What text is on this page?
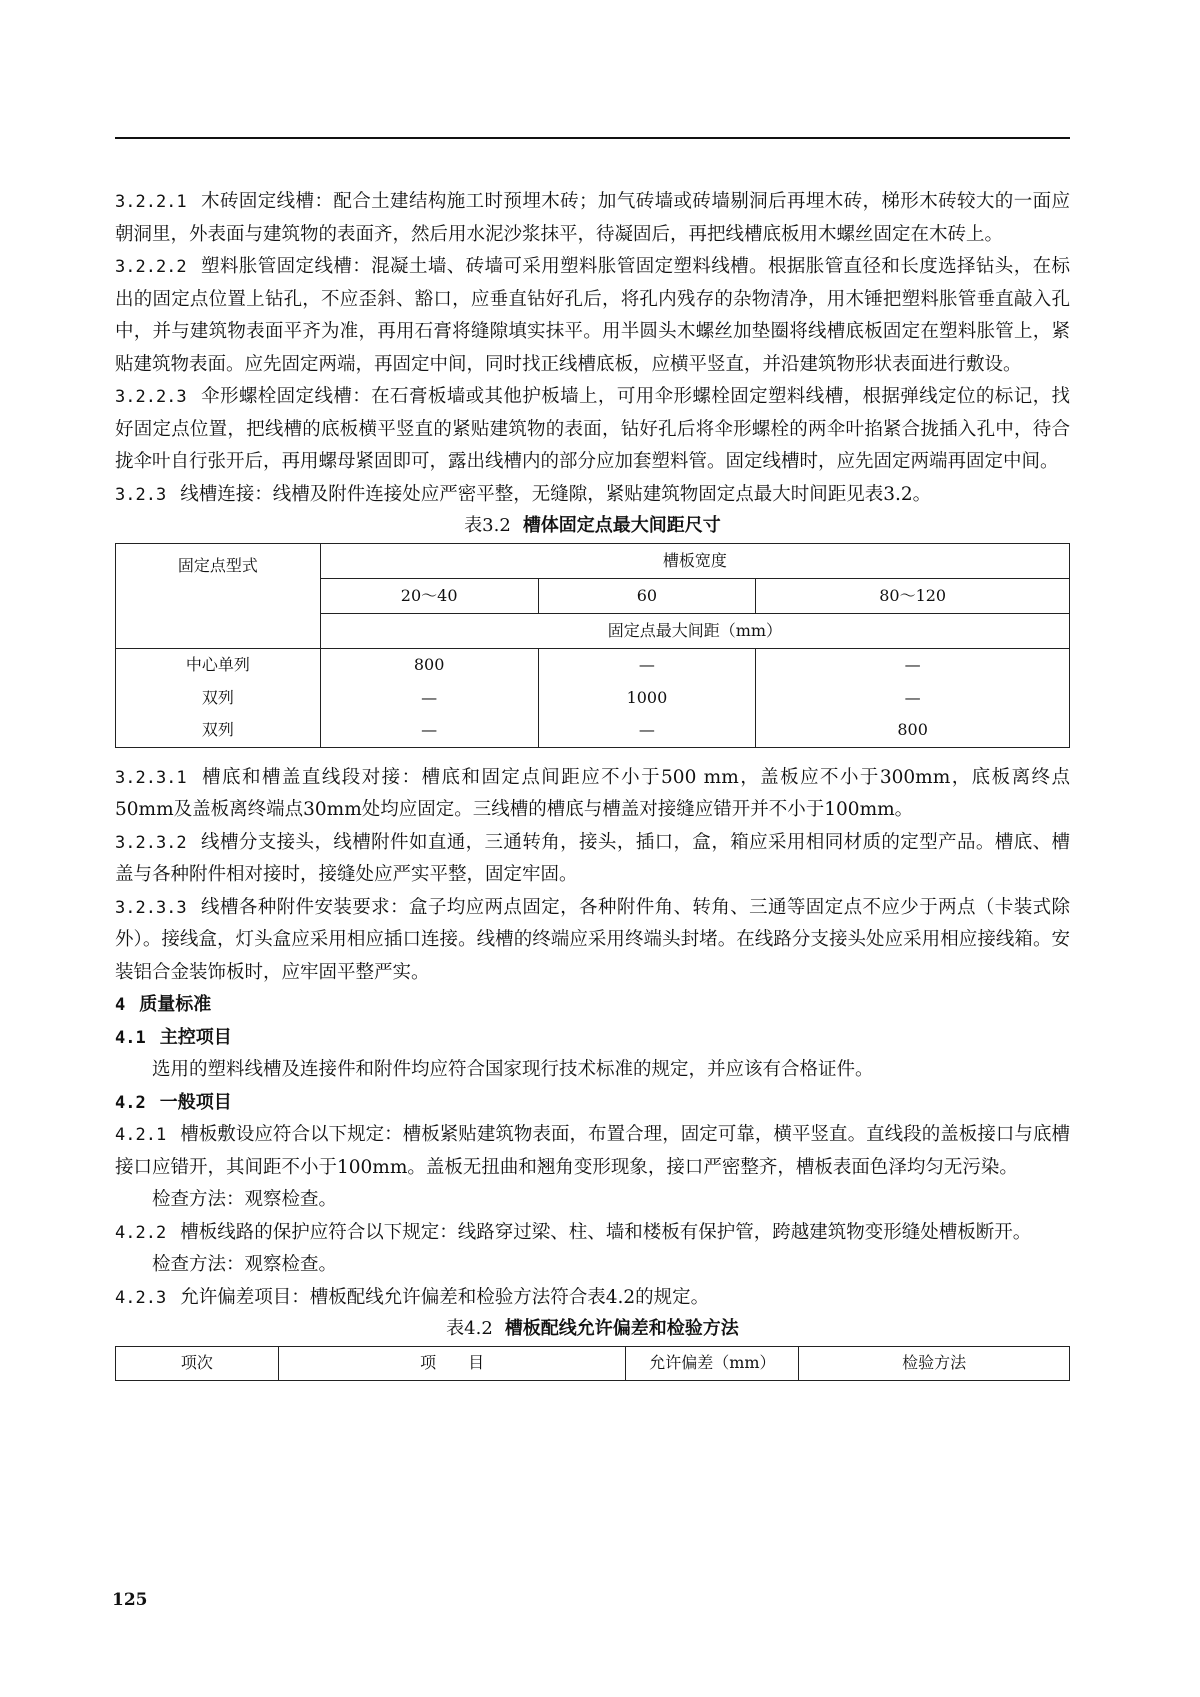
3.2.2.1 木砖固定线槽：配合土建结构施工时预埋木砖；加气砖墙或砖墙剔洞后再埋木砖，梯形木砖较大的一面应朝洞里，外表面与建筑物的表面齐，然后用水泥沙浆抹平，待凝固后，再把线槽底板用木螺丝固定在木砖上。

3.2.2.2 塑料胀管固定线槽：混凝土墙、砖墙可采用塑料胀管固定塑料线槽。根据胀管直径和长度选择钻头，在标出的固定点位置上钻孔，不应歪斜、豁口，应垂直钻好孔后，将孔内残存的杂物清净，用木锤把塑料胀管垂直敲入孔中，并与建筑物表面平齐为准，再用石膏将缝隙填实抹平。用半圆头木螺丝加垫圈将线槽底板固定在塑料胀管上，紧贴建筑物表面。应先固定两端，再固定中间，同时找正线槽底板，应横平竖直，并沿建筑物形状表面进行敷设。

3.2.2.3 伞形螺栓固定线槽：在石膏板墙或其他护板墙上，可用伞形螺栓固定塑料线槽，根据弹线定位的标记，找好固定点位置，把线槽的底板横平竖直的紧贴建筑物的表面，钻好孔后将伞形螺栓的两伞叶掐紧合拢插入孔中，待合拢伞叶自行张开后，再用螺母紧固即可，露出线槽内的部分应加套塑料管。固定线槽时，应先固定两端再固定中间。

3.2.3 线槽连接：线槽及附件连接处应严密平整，无缝隙，紧贴建筑物固定点最大时间距见表3.2。

表3.2 槽体固定点最大间距尺寸
固定点型式	槽板宽度		
	20～40	60	80～120
	固定点最大间距（mm）		
中心单列	800	—	—
双列	—	1000	—
双列	—	—	800

3.2.3.1 槽底和槽盖直线段对接：槽底和固定点间距应不小于500 mm，盖板应不小于300mm，底板离终点50mm及盖板离终端点30mm处均应固定。三线槽的槽底与槽盖对接缝应错开并不小于100mm。

3.2.3.2 线槽分支接头，线槽附件如直通，三通转角，接头，插口，盒，箱应采用相同材质的定型产品。槽底、槽盖与各种附件相对接时，接缝处应严实平整，固定牢固。

3.2.3.3 线槽各种附件安装要求：盒子均应两点固定，各种附件角、转角、三通等固定点不应少于两点（卡装式除外）。接线盒，灯头盒应采用相应插口连接。线槽的终端应采用终端头封堵。在线路分支接头处应采用相应接线箱。安装铝合金装饰板时，应牢固平整严实。

4 质量标准

4.1 主控项目

选用的塑料线槽及连接件和附件均应符合国家现行技术标准的规定，并应该有合格证件。

4.2 一般项目

4.2.1 槽板敷设应符合以下规定：槽板紧贴建筑物表面，布置合理，固定可靠，横平竖直。直线段的盖板接口与底槽接口应错开，其间距不小于100mm。盖板无扭曲和翘角变形现象，接口严密整齐，槽板表面色泽均匀无污染。

检查方法：观察检查。

4.2.2 槽板线路的保护应符合以下规定：线路穿过梁、柱、墙和楼板有保护管，跨越建筑物变形缝处槽板断开。

检查方法：观察检查。

4.2.3 允许偏差项目：槽板配线允许偏差和检验方法符合表4.2的规定。

表4.2 槽板配线允许偏差和检验方法
项次	项　　目	允许偏差（mm）	检验方法
125
